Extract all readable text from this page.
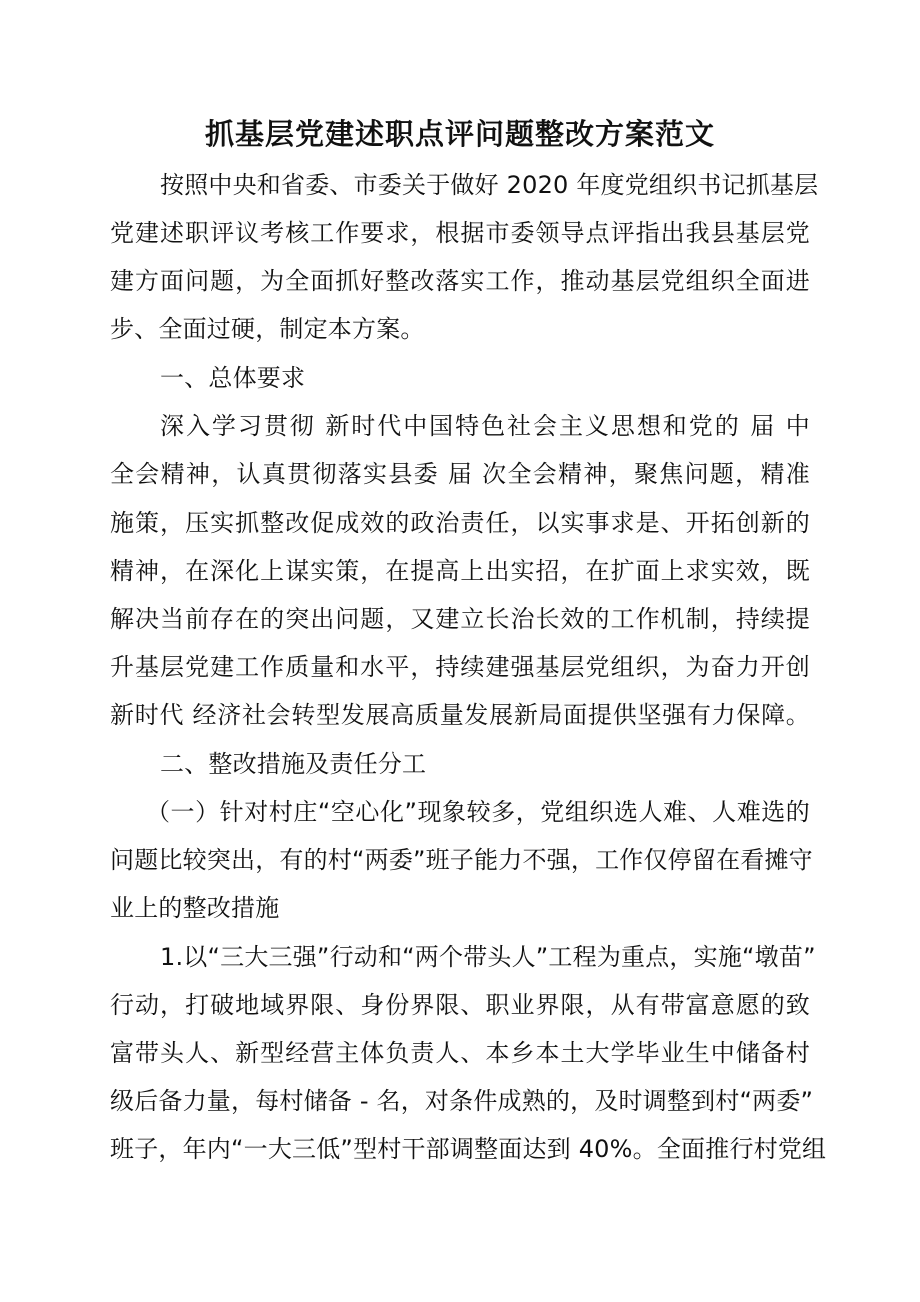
抓基层党建述职点评问题整改方案范文
按照中央和省委、市委关于做好 2020 年度党组织书记抓基层
党建述职评议考核工作要求，根据市委领导点评指出我县基层党
建方面问题，为全面抓好整改落实工作，推动基层党组织全面进
步、全面过硬，制定本方案。
一、总体要求
深入学习贯彻 新时代中国特色社会主义思想和党的 届 中
全会精神，认真贯彻落实县委 届 次全会精神，聚焦问题，精准
施策，压实抓整改促成效的政治责任，以实事求是、开拓创新的
精神，在深化上谋实策，在提高上出实招，在扩面上求实效，既
解决当前存在的突出问题，又建立长治长效的工作机制，持续提
升基层党建工作质量和水平，持续建强基层党组织，为奋力开创
新时代 经济社会转型发展高质量发展新局面提供坚强有力保障。
二、整改措施及责任分工
（一）针对村庄“空心化”现象较多，党组织选人难、人难选的
问题比较突出，有的村“两委”班子能力不强，工作仅停留在看摊守
业上的整改措施
1.以“三大三强”行动和“两个带头人”工程为重点，实施“墩苗”
行动，打破地域界限、身份界限、职业界限，从有带富意愿的致
富带头人、新型经营主体负责人、本乡本土大学毕业生中储备村
级后备力量，每村储备 - 名，对条件成熟的，及时调整到村“两委”
班子，年内“一大三低”型村干部调整面达到 40%。全面推行村党组
